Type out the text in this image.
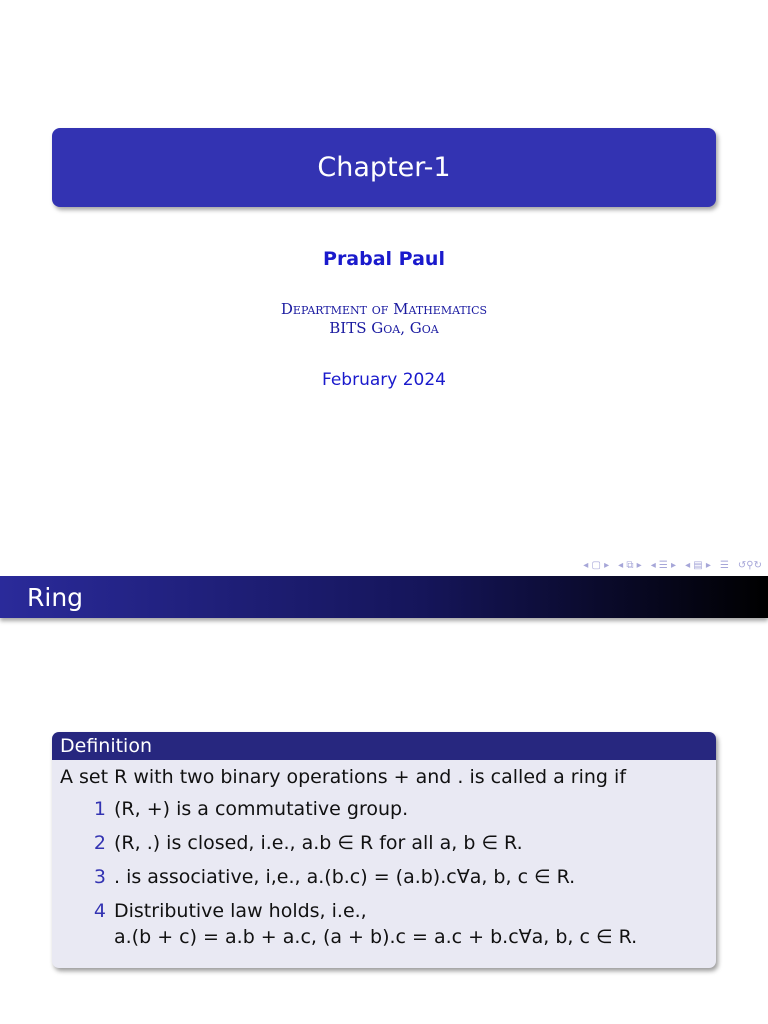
Chapter-1
Prabal Paul
Department of Mathematics
BITS Goa, Goa
February 2024
◂ ▢ ▸ ◂ ⧉ ▸ ◂ ☰ ▸ ◂ ▤ ▸ ☰ ↺⚲↻
Ring
Definition
A set R with two binary operations + and . is called a ring if
1 (R, +) is a commutative group.
2 (R, .) is closed, i.e., a.b ∈ R for all a, b ∈ R.
3 . is associative, i,e., a.(b.c) = (a.b).c∀a, b, c ∈ R.
4 Distributive law holds, i.e.,
a.(b + c) = a.b + a.c, (a + b).c = a.c + b.c∀a, b, c ∈ R.
